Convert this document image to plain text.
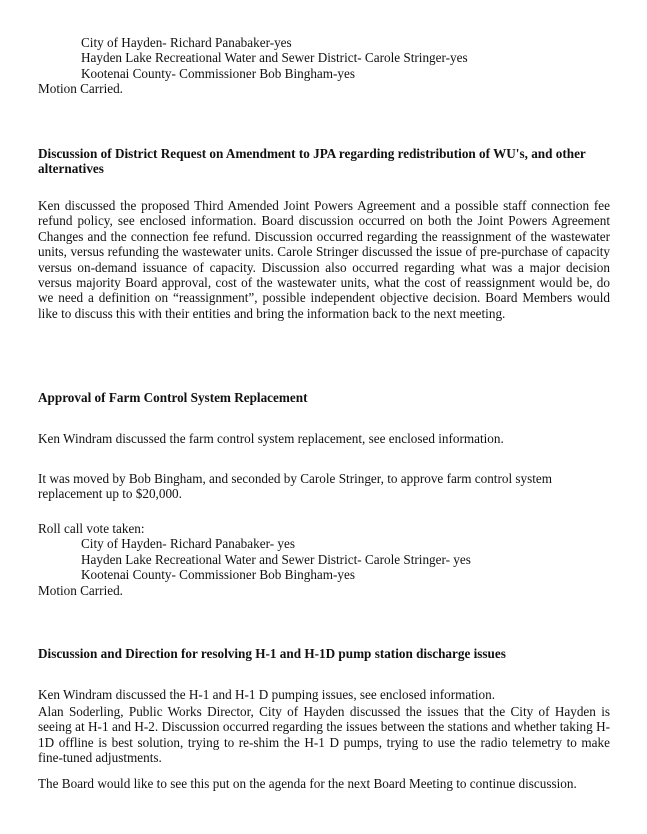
City of Hayden- Richard Panabaker-yes
Hayden Lake Recreational Water and Sewer District- Carole Stringer-yes
Kootenai County- Commissioner Bob Bingham-yes
Motion Carried.
Discussion of District Request on Amendment to JPA regarding redistribution of WU's, and other alternatives
Ken discussed the proposed Third Amended Joint Powers Agreement and a possible staff connection fee refund policy, see enclosed information. Board discussion occurred on both the Joint Powers Agreement Changes and the connection fee refund. Discussion occurred regarding the reassignment of the wastewater units, versus refunding the wastewater units. Carole Stringer discussed the issue of pre-purchase of capacity versus on-demand issuance of capacity. Discussion also occurred regarding what was a major decision versus majority Board approval, cost of the wastewater units, what the cost of reassignment would be, do we need a definition on “reassignment”, possible independent objective decision. Board Members would like to discuss this with their entities and bring the information back to the next meeting.
Approval of Farm Control System Replacement

Ken Windram discussed the farm control system replacement, see enclosed information.

It was moved by Bob Bingham, and seconded by Carole Stringer, to approve farm control system replacement up to $20,000.

Roll call vote taken:
City of Hayden- Richard Panabaker- yes
Hayden Lake Recreational Water and Sewer District- Carole Stringer- yes
Kootenai County- Commissioner Bob Bingham-yes
Motion Carried.
Discussion and Direction for resolving H-1 and H-1D pump station discharge issues

Ken Windram discussed the H-1 and H-1 D pumping issues, see enclosed information.

Alan Soderling, Public Works Director, City of Hayden discussed the issues that the City of Hayden is seeing at H-1 and H-2. Discussion occurred regarding the issues between the stations and whether taking H-1D offline is best solution, trying to re-shim the H-1 D pumps, trying to use the radio telemetry to make fine-tuned adjustments.

The Board would like to see this put on the agenda for the next Board Meeting to continue discussion.
